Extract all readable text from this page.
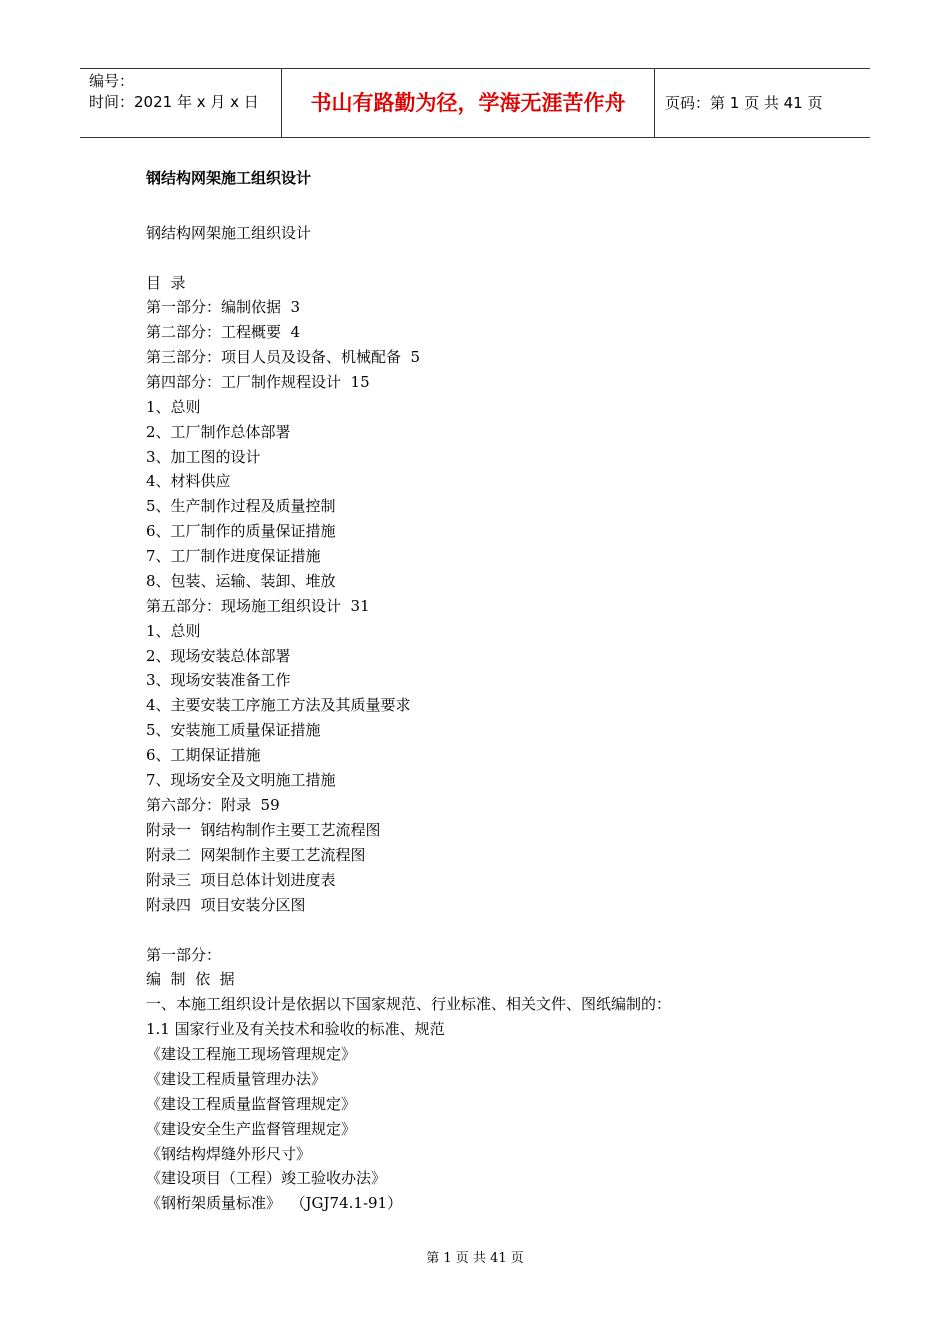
编号：
时间：2021 年 x 月 x 日	书山有路勤为径，学海无涯苦作舟	页码：第 1 页 共 41 页
钢结构网架施工组织设计
钢结构网架施工组织设计
目  录
第一部分：编制依据  3
第二部分：工程概要  4
第三部分：项目人员及设备、机械配备  5
第四部分：工厂制作规程设计  15
1、总则
2、工厂制作总体部署
3、加工图的设计
4、材料供应
5、生产制作过程及质量控制
6、工厂制作的质量保证措施
7、工厂制作进度保证措施
8、包装、运输、装卸、堆放
第五部分：现场施工组织设计  31
1、总则
2、现场安装总体部署
3、现场安装准备工作
4、主要安装工序施工方法及其质量要求
5、安装施工质量保证措施
6、工期保证措施
7、现场安全及文明施工措施
第六部分：附录  59
附录一  钢结构制作主要工艺流程图
附录二  网架制作主要工艺流程图
附录三  项目总体计划进度表
附录四  项目安装分区图
第一部分：
编  制  依  据
一、本施工组织设计是依据以下国家规范、行业标准、相关文件、图纸编制的：
1.1 国家行业及有关技术和验收的标准、规范
《建设工程施工现场管理规定》
《建设工程质量管理办法》
《建设工程质量监督管理规定》
《建设安全生产监督管理规定》
《钢结构焊缝外形尺寸》
《建设项目（工程）竣工验收办法》
《钢桁架质量标准》  （JGJ74.1-91）
第 1 页 共 41 页
